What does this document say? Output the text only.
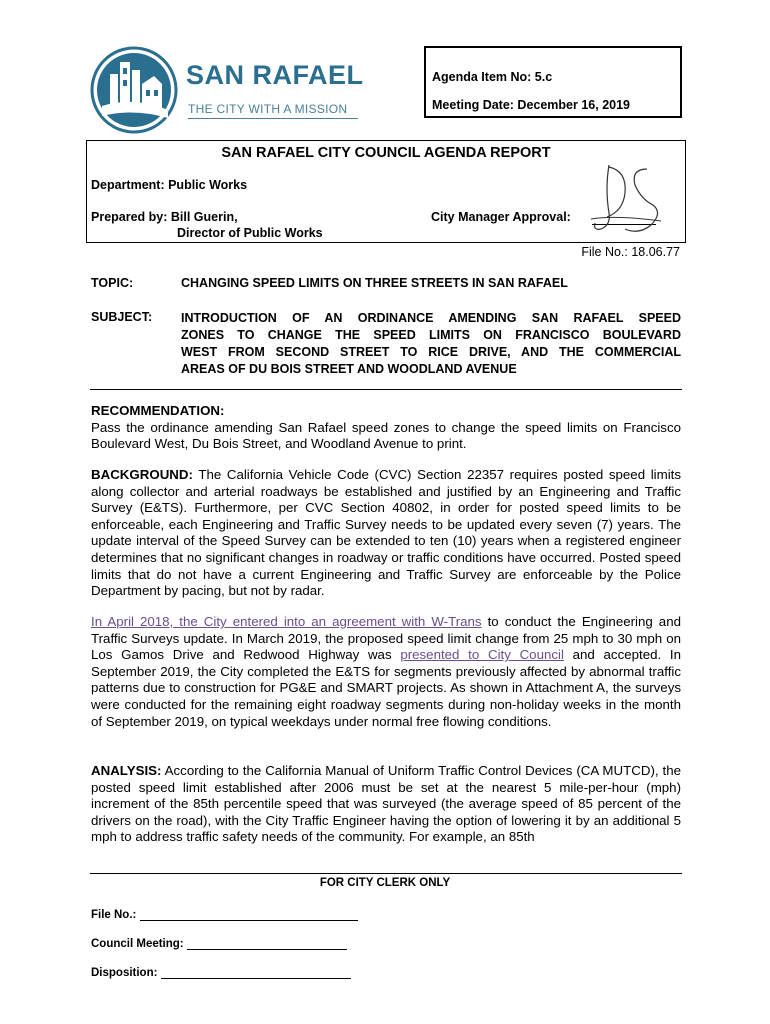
SAN RAFAEL
THE CITY WITH A MISSION
Agenda Item No: 5.c
Meeting Date: December 16, 2019
SAN RAFAEL CITY COUNCIL AGENDA REPORT
Department: Public Works
Prepared by: Bill Guerin,
Director of Public Works
City Manager Approval:
File No.: 18.06.77
TOPIC:	CHANGING SPEED LIMITS ON THREE STREETS IN SAN RAFAEL
SUBJECT: INTRODUCTION OF AN ORDINANCE AMENDING SAN RAFAEL SPEED
ZONES TO CHANGE THE SPEED LIMITS ON FRANCISCO BOULEVARD
WEST FROM SECOND STREET TO RICE DRIVE, AND THE COMMERCIAL
AREAS OF DU BOIS STREET AND WOODLAND AVENUE
RECOMMENDATION:
Pass the ordinance amending San Rafael speed zones to change the speed limits on Francisco Boulevard West, Du Bois Street, and Woodland Avenue to print.
BACKGROUND: The California Vehicle Code (CVC) Section 22357 requires posted speed limits along collector and arterial roadways be established and justified by an Engineering and Traffic Survey (E&TS). Furthermore, per CVC Section 40802, in order for posted speed limits to be enforceable, each Engineering and Traffic Survey needs to be updated every seven (7) years. The update interval of the Speed Survey can be extended to ten (10) years when a registered engineer determines that no significant changes in roadway or traffic conditions have occurred. Posted speed limits that do not have a current Engineering and Traffic Survey are enforceable by the Police Department by pacing, but not by radar.
In April 2018, the City entered into an agreement with W-Trans to conduct the Engineering and Traffic Surveys update. In March 2019, the proposed speed limit change from 25 mph to 30 mph on Los Gamos Drive and Redwood Highway was presented to City Council and accepted. In September 2019, the City completed the E&TS for segments previously affected by abnormal traffic patterns due to construction for PG&E and SMART projects. As shown in Attachment A, the surveys were conducted for the remaining eight roadway segments during non-holiday weeks in the month of September 2019, on typical weekdays under normal free flowing conditions.
ANALYSIS: According to the California Manual of Uniform Traffic Control Devices (CA MUTCD), the posted speed limit established after 2006 must be set at the nearest 5 mile-per-hour (mph) increment of the 85th percentile speed that was surveyed (the average speed of 85 percent of the drivers on the road), with the City Traffic Engineer having the option of lowering it by an additional 5 mph to address traffic safety needs of the community. For example, an 85th
FOR CITY CLERK ONLY
File No.:
Council Meeting:
Disposition:
